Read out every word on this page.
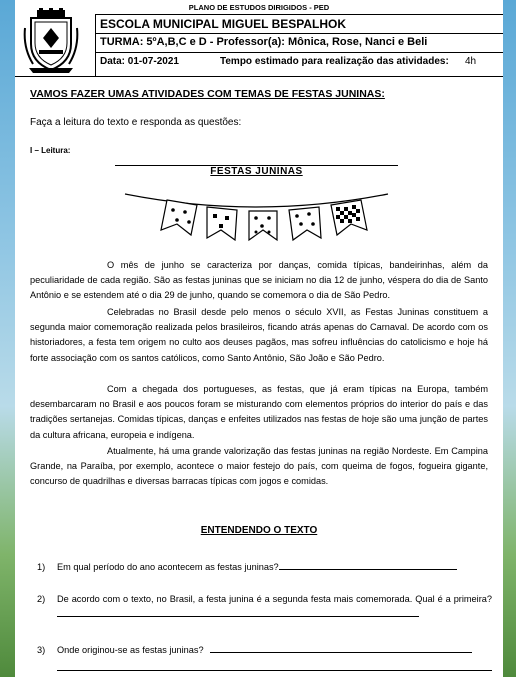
PLANO DE ESTUDOS DIRIGIDOS - PED
ESCOLA MUNICIPAL MIGUEL BESPALHOK
TURMA: 5ºA,B,C e D - Professor(a): Mônica, Rose, Nanci e Beli
Data: 01-07-2021	Tempo estimado para realização das atividades: 4h
VAMOS FAZER UMAS ATIVIDADES COM TEMAS DE FESTAS JUNINAS:
Faça a leitura do texto e responda as questões:
I – Leitura:
FESTAS JUNINAS
O mês de junho se caracteriza por danças, comida típicas, bandeirinhas, além da peculiaridade de cada região. São as festas juninas que se iniciam no dia 12 de junho, véspera do dia de Santo Antônio e se estendem até o dia 29 de junho, quando se comemora o dia de São Pedro.
Celebradas no Brasil desde pelo menos o século XVII, as Festas Juninas constituem a segunda maior comemoração realizada pelos brasileiros, ficando atrás apenas do Carnaval. De acordo com os historiadores, a festa tem origem no culto aos deuses pagãos, mas sofreu influências do catolicismo e hoje há forte associação com os santos católicos, como Santo Antônio, São João e São Pedro.
Com a chegada dos portugueses, as festas, que já eram típicas na Europa, também desembarcaram no Brasil e aos poucos foram se misturando com elementos próprios do interior do país e das tradições sertanejas. Comidas típicas, danças e enfeites utilizados nas festas de hoje são uma junção de partes da cultura africana, europeia e indígena.
Atualmente, há uma grande valorização das festas juninas na região Nordeste. Em Campina Grande, na Paraíba, por exemplo, acontece o maior festejo do país, com queima de fogos, fogueira gigante, concurso de quadrilhas e diversas barracas típicas com jogos e comidas.
ENTENDENDO O TEXTO
1) Em qual período do ano acontecem as festas juninas?
2) De acordo com o texto, no Brasil, a festa junina é a segunda festa mais comemorada. Qual é a primeira?
3) Onde originou-se as festas juninas?
